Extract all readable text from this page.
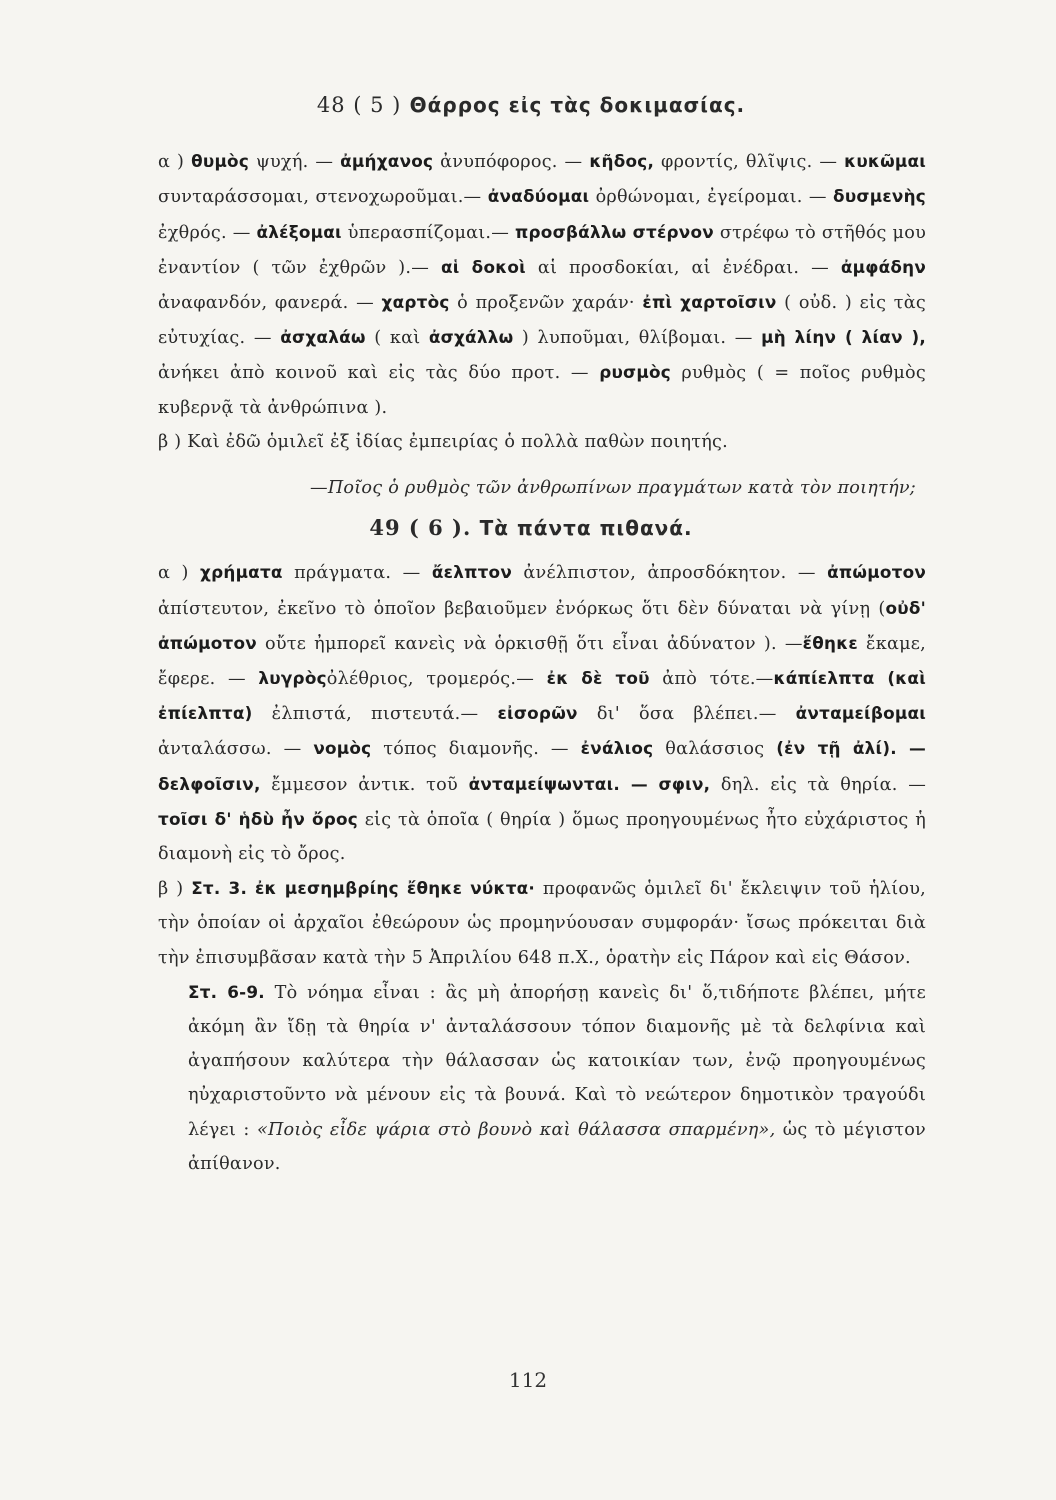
48 ( 5 ) Θάρρος εἰς τὰς δοκιμασίας.

α ) θυμὸς ψυχή. — ἀμήχανος ἀνυπόφορος. — κῆδος, φροντίς, θλῖψις. — κυκῶμαι συνταράσσομαι, στενοχωροῦμαι.— ἀναδύομαι ὀρθώνομαι, ἐγείρομαι. — δυσμενὴς ἐχθρός. — ἀλέξομαι ὑπερασπίζομαι.— προσβάλλω στέρνον στρέφω τὸ στῆθός μου ἐναντίον ( τῶν ἐχθρῶν ).— αἱ δοκοὶ αἱ προσδοκίαι, αἱ ἐνέδραι. — ἀμφάδην ἀναφανδόν, φανερά. — χαρτὸς ὁ προξενῶν χαράν· ἐπὶ χαρτοῖσιν ( οὐδ. ) εἰς τὰς εὐτυχίας. — ἀσχαλάω ( καὶ ἀσχάλλω ) λυποῦμαι, θλίβομαι. — μὴ λίην ( λίαν ), ἀνήκει ἀπὸ κοινοῦ καὶ εἰς τὰς δύο προτ. — ρυσμὸς ρυθμὸς ( = ποῖος ρυθμὸς κυβερνᾷ τὰ ἀνθρώπινα ).

β ) Καὶ ἐδῶ ὁμιλεῖ ἐξ ἰδίας ἐμπειρίας ὁ πολλὰ παθὼν ποιητής.

—Ποῖος ὁ ρυθμὸς τῶν ἀνθρωπίνων πραγμάτων κατὰ τὸν ποιητήν;

49 ( 6 ). Τὰ πάντα πιθανά.

α ) χρήματα πράγματα. — ἄελπτον ἀνέλπιστον, ἀπροσδόκητον. — ἀπώμοτον ἀπίστευτον, ἐκεῖνο τὸ ὁποῖον βεβαιοῦμεν ἐνόρκως ὅτι δὲν δύναται νὰ γίνῃ (οὐδ' ἀπώμοτον οὔτε ἠμπορεῖ κανεὶς νὰ ὁρκισθῇ ὅτι εἶναι ἀδύνατον ). —ἔθηκε ἔκαμε, ἔφερε. — λυγρὸςὀλέθριος, τρομερός.— ἐκ δὲ τοῦ ἀπὸ τότε.—κάπίελπτα (καὶ ἐπίελπτα) ἐλπιστά, πιστευτά.— εἰσορῶν δι' ὅσα βλέπει.— ἀνταμείβομαι ἀνταλάσσω. — νομὸς τόπος διαμονῆς. — ἐνάλιος θαλάσσιος (ἐν τῇ ἀλί). — δελφοῖσιν, ἔμμεσον ἀντικ. τοῦ ἀνταμείψωνται. — σφιν, δηλ. εἰς τὰ θηρία. — τοῖσι δ' ἡδὺ ἦν ὄρος εἰς τὰ ὁποῖα ( θηρία ) ὅμως προηγουμένως ἦτο εὐχάριστος ἡ διαμονὴ εἰς τὸ ὄρος.

β ) Στ. 3. ἐκ μεσημβρίης ἔθηκε νύκτα· προφανῶς ὁμιλεῖ δι' ἔκλειψιν τοῦ ἡλίου, τὴν ὁποίαν οἱ ἀρχαῖοι ἐθεώρουν ὡς προμηνύουσαν συμφοράν· ἴσως πρόκειται διὰ τὴν ἐπισυμβᾶσαν κατὰ τὴν 5 Ἀπριλίου 648 π.Χ., ὁρατὴν εἰς Πάρον καὶ εἰς Θάσον.

Στ. 6-9. Τὸ νόημα εἶναι : ἂς μὴ ἀπορήσῃ κανεὶς δι' ὅ,τιδήποτε βλέπει, μήτε ἀκόμη ἂν ἴδῃ τὰ θηρία ν' ἀνταλάσσουν τόπον διαμονῆς μὲ τὰ δελφίνια καὶ ἀγαπήσουν καλύτερα τὴν θάλασσαν ὡς κατοικίαν των, ἐνῷ προηγουμένως ηὐχαριστοῦντο νὰ μένουν εἰς τὰ βουνά. Καὶ τὸ νεώτερον δημοτικὸν τραγούδι λέγει : «Ποιὸς εἶδε ψάρια στὸ βουνὸ καὶ θάλασσα σπαρμένη», ὡς τὸ μέγιστον ἀπίθανον.

112
